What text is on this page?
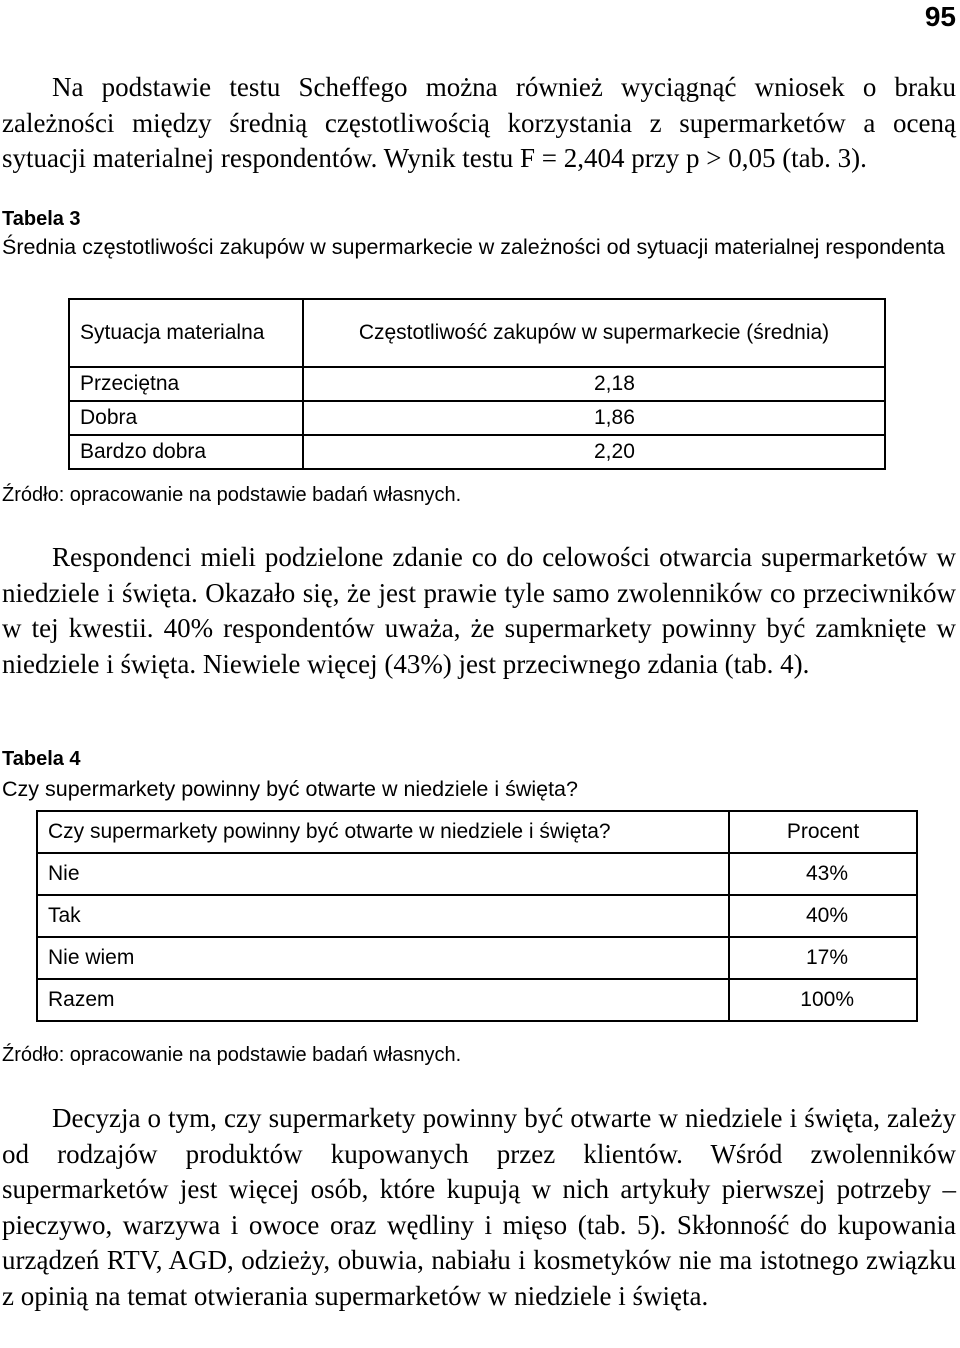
95

Na podstawie testu Scheffego można również wyciągnąć wniosek o braku zależności między średnią częstotliwością korzystania z supermarketów a oceną sytuacji materialnej respondentów. Wynik testu F = 2,404 przy p > 0,05 (tab. 3).

Tabela 3

Średnia częstotliwości zakupów w supermarkecie w zależności od sytuacji materialnej respondenta

Sytuacja materialna	Częstotliwość zakupów w supermarkecie (średnia)
Przeciętna	2,18
Dobra	1,86
Bardzo dobra	2,20

Źródło: opracowanie na podstawie badań własnych.

Respondenci mieli podzielone zdanie co do celowości otwarcia supermarketów w niedziele i święta. Okazało się, że jest prawie tyle samo zwolenników co przeciwników w tej kwestii. 40% respondentów uważa, że supermarkety powinny być zamknięte w niedziele i święta. Niewiele więcej (43%) jest przeciwnego zdania (tab. 4).

Tabela 4

Czy supermarkety powinny być otwarte w niedziele i święta?

Czy supermarkety powinny być otwarte w niedziele i święta?	Procent
Nie	43%
Tak	40%
Nie wiem	17%
Razem	100%

Źródło: opracowanie na podstawie badań własnych.

Decyzja o tym, czy supermarkety powinny być otwarte w niedziele i święta, zależy od rodzajów produktów kupowanych przez klientów. Wśród zwolenników supermarketów jest więcej osób, które kupują w nich artykuły pierwszej potrzeby – pieczywo, warzywa i owoce oraz wędliny i mięso (tab. 5). Skłonność do kupowania urządzeń RTV, AGD, odzieży, obuwia, nabiału i kosmetyków nie ma istotnego związku z opinią na temat otwierania supermarketów w niedziele i święta.
